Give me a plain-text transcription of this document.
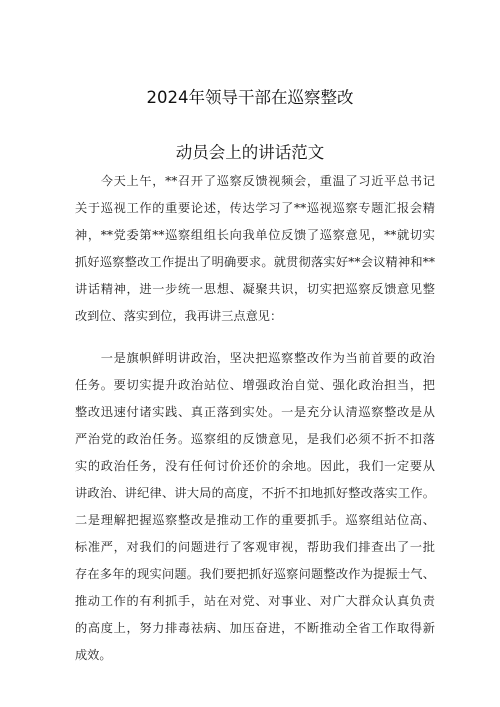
2024年领导干部在巡察整改
动员会上的讲话范文
　　今天上午，**召开了巡察反馈视频会，重温了习近平总书记
关于巡视工作的重要论述，传达学习了**巡视巡察专题汇报会精
神，**党委第**巡察组组长向我单位反馈了巡察意见，**就切实
抓好巡察整改工作提出了明确要求。就贯彻落实好**会议精神和**
讲话精神，进一步统一思想、凝聚共识，切实把巡察反馈意见整
改到位、落实到位，我再讲三点意见：
　　一是旗帜鲜明讲政治，坚决把巡察整改作为当前首要的政治
任务。要切实提升政治站位、增强政治自觉、强化政治担当，把
整改迅速付诸实践、真正落到实处。一是充分认清巡察整改是从
严治党的政治任务。巡察组的反馈意见，是我们必须不折不扣落
实的政治任务，没有任何讨价还价的余地。因此，我们一定要从
讲政治、讲纪律、讲大局的高度，不折不扣地抓好整改落实工作。
二是理解把握巡察整改是推动工作的重要抓手。巡察组站位高、
标准严，对我们的问题进行了客观审视，帮助我们排查出了一批
存在多年的现实问题。我们要把抓好巡察问题整改作为提振士气、
推动工作的有利抓手，站在对党、对事业、对广大群众认真负责
的高度上，努力排毒祛病、加压奋进，不断推动全省工作取得新
成效。
